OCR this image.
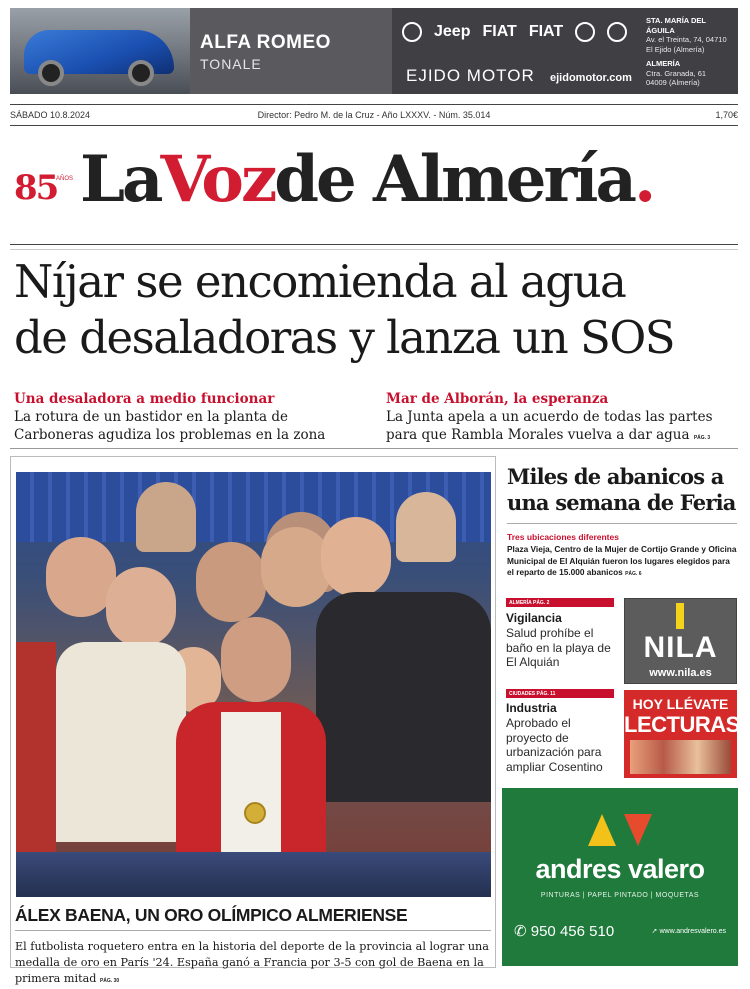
ALFA ROMEO
TONALE
Jeep FIAT FIAT
EJIDO MOTOR ejidomotor.com
STA. MARÍA DEL ÁGUILA
Av. el Treinta, 74, 04710
El Ejido (Almería)
ALMERÍA
Ctra. Granada, 61
04009 (Almería)
SÁBADO 10.8.2024	Director: Pedro M. de la Cruz - Año LXXXV. - Núm. 35.014	1,70€
85
AÑOS LaVozde Almería.
Níjar se encomienda al agua
de desaladoras y lanza un SOS
Una desaladora a medio funcionar
La rotura de un bastidor en la planta de Carboneras agudiza los problemas en la zona
Mar de Alborán, la esperanza
La Junta apela a un acuerdo de todas las partes para que Rambla Morales vuelva a dar agua PÁG. 3
ÁLEX BAENA, UN ORO OLÍMPICO ALMERIENSE
El futbolista roquetero entra en la historia del deporte de la provincia al lograr una medalla de oro en París '24. España ganó a Francia por 3-5 con gol de Baena en la primera mitad PÁG. 30
Miles de abanicos a una semana de Feria
Tres ubicaciones diferentes
Plaza Vieja, Centro de la Mujer de Cortijo Grande y Oficina Municipal de El Alquián fueron los lugares elegidos para el reparto de 15.000 abanicos PÁG. 6
ALMERÍA PÁG. 2
Vigilancia
Salud prohíbe el baño en la playa de El Alquián
CIUDADES PÁG. 11
Industria
Aprobado el proyecto de urbanización para ampliar Cosentino
NILA
www.nila.es
HOY LLÉVATE
LECTURAS
andres valero
PINTURAS | PAPEL PINTADO | MOQUETAS
✆ 950 456 510	➚ www.andresvalero.es
